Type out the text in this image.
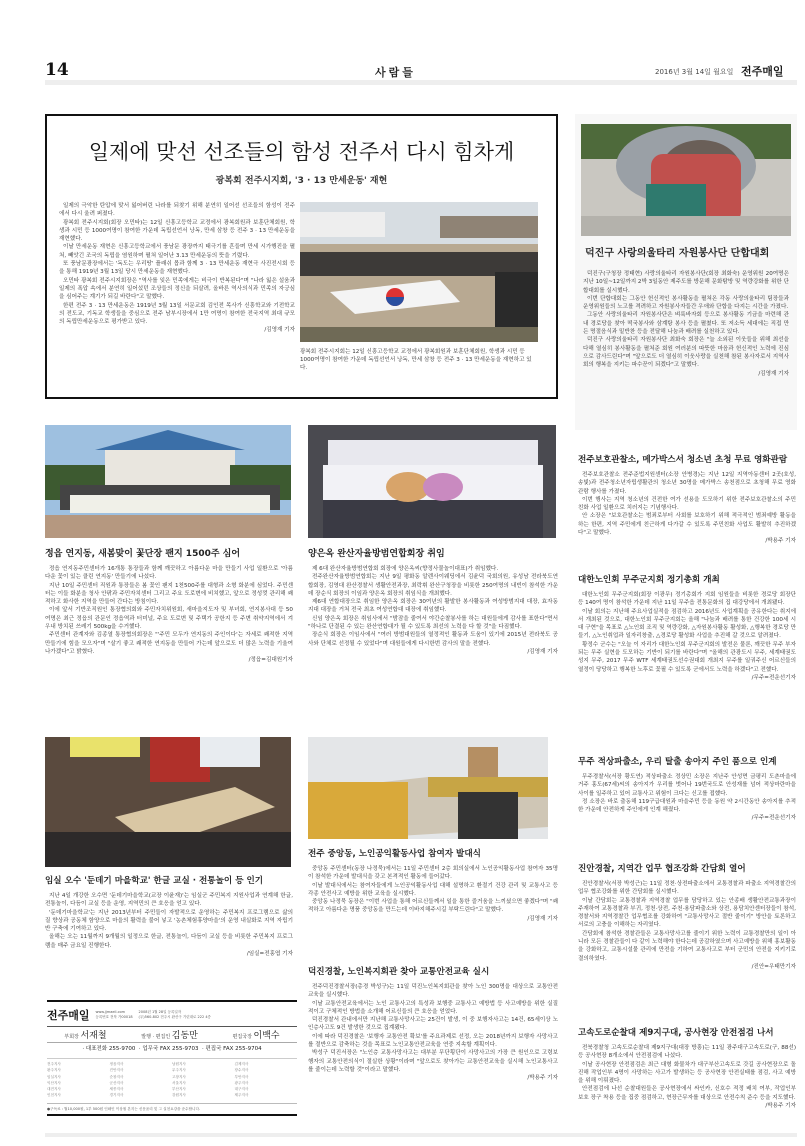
14	사람들	2016년 3월 14일 월요일 전주매일
일제에 맞선 선조들의 함성 전주서 다시 힘차게
광복회 전주시지회, '3 · 13 만세운동' 재현

일제의 극악한 탄압에 맞서 잃어버린 나라를 되찾기 위해 분연히 일어선 선조들의 함성이 전주에서 다시 울려 퍼졌다.

광복회 전주시지회(회장 오민타)는 12일 신흥고등학교 교정에서 광복회원과 보훈단체회원, 학생과 시민 등 1000여명이 참여한 가운데 독립선언서 낭독, 만세 삼창 등 전주 3 · 13 만세운동을 재현했다.

이날 만세운동 재현은 신흥고등학교에서 풍남문 광장까지 태극기를 흔들며 만세 시가행진을 펼쳐, 빼앗긴 조국의 독립을 염원하며 펼쳐 일어난 3.13 만세운동의 뜻을 기렸다.

또 풍남문광장에서는 '독도는 우리땅' 플래쉬 몹과 함께 3 · 13 만세운동 재현극 사진전시회 등을 통해 1919년 3월 13일 당시 만세운동을 재현했다.

오민타 광복회 전주시지회장은 "역사를 잊은 민족에게는 비극이 반복된다"며 "나라 잃은 설움과 일제의 폭압 속에서 분연히 일어섰던 조상들의 정신을 되살려, 올바른 역사의식과 민족의 자긍심을 심어주는 계기가 되길 바란다"고 말했다.

한편 전주 3 · 13 만세운동은 1919년 3월 13일 서문교회 김인전 목사가 신흥학교와 기전학교의 전도교, 기독교 학생들을 중심으로 전주 남부시장에서 1만 여명이 참여한 전국지역 최대 규모의 독립만세운동으로 평가받고 있다.

/김영재 기자
광복회 전주시지회는 12일 신흥고등학교 교정에서 광복회원과 보훈단체회원, 학생과 시민 등 1000여명이 참여한 가운데 독립선언서 낭독, 만세 삼창 등 전주 3 · 13 만세운동을 재현하고 있다.
덕진구 사랑의울타리 자원봉사단 단합대회

덕진구(구청장 정태현) 사랑의울타리 자원봉사단(회장 최화숙) 운영위원 20여명은 지난 10일~12일까지 2박 3일동안 제주도를 방문해 문화탐방 및 역량강화를 위한 단합대회를 실시했다.

이번 단합대회는 그동안 헌신적인 봉사활동을 펼쳐온 각동 사랑의울타리 팀장들과 운영위원들의 노고를 격려하고 자원봉사자들간 우애와 단합을 다지는 시간을 가졌다.

그동안 사랑의울타리 자원봉사단은 벼룩바자회 등으로 봉사활동 기금을 마련해 관내 경로당을 찾아 떡국봉사와 삼계탕 봉사 등을 펼쳤다. 또 저소득 세대에는 직접 만든 명절음식과 밑반찬 등을 전달해 나눔과 배려를 실천하고 있다.

덕진구 사랑의울타리 자원봉사단 최화숙 회장은 "늘 소외된 이웃들을 위해 최선을 다해 열심히 봉사활동을 펼쳐준 회원 여러분의 따뜻한 마음과 헌신적인 노력에 진심으로 감사드린다"며 "앞으로도 더 열심히 이웃사랑을 실천해 참된 봉사자로서 지역사회의 행복을 지키는 파수꾼이 되겠다"고 말했다.

/김영재 기자
정읍 연지동, 새봄맞이 꽃단장 팬지 1500주 심어

정읍 연지동주민센터가 16개통 통장들과 함께 깨끗하고 아름다운 마을 만들기 사업 일환으로 '아름다운 꽃이 있는 클린 연지동' 만들기에 나섰다.

지난 10일 주민센터 직원과 통장들은 봄 꽃인 팬지 1천500주를 대형과 소형 화분에 심었다. 주민센터는 이들 화분을 청사 안팎과 주민자치센터 그리고 주요 도로변에 비치했고, 앞으로 정성껏 관리해 쾌적하고 화사한 지역을 만들어 간다는 방침이다.

이에 앞서 기반조직원인 통장협의회와 주민자치위원회, 새마을지도자 및 부녀회, 연지봉사대 등 50여명은 최근 정읍의 관문인 정읍역과 터미널, 주요 도로변 및 주택가 공한지 등 주변 취약지역에서 겨우내 방치된 쓰레기 500kg을 수거했다.

주민센터 관계자와 김종열 통장협의회장은 "'주민 모두가 연지동의 주인이다'는 자세로 쾌적한 지역 만들기에 힘을 모으자"며 "살기 좋고 쾌적한 연지동을 만들어 가는데 앞으로도 더 많은 노력을 기울여 나가겠다"고 밝혔다.

/정읍=김대원기자
양은옥 완산자율방범연합회장 취임

제 6대 완산자율방범연합회 회장에 양은옥씨(향정사물놀이대표)가 취임했다.

전주완산자율방범연합회는 지난 9일 평화동 알렌사이웨딩에서 김윤덕 국회의원, 유성남 전라북도연합회장, 김영대 완산경찰서 생활안전과장, 최락휘 완산구청장을 비롯한 250여명의 내빈이 참석한 가운데 장순식 회장의 이임과 양은옥 회장의 취임식을 개최했다.

제6대 연합대장으로 취임한 양은옥 회장은 30여년의 활발한 봉사활동과 여성방범지대 대장, 효자동지대 대장을 거쳐 전국 최초 여성연합대 대장에 취임했다.

신임 양은옥 회장은 취임사에서 "밤잠을 줄여서 야간순찰봉사를 하는 대원들에게 감사를 표한다"면서 "하나로 단결된 수 있는 완산연합대가 될 수 있도록 최선의 노력을 다 할 것"을 다짐했다.

장순식 회장은 이임사에서 "여러 방범대원들의 열정적인 활동과 도움이 있기에 2015년 전라북도 공사와 단체로 선정될 수 있었다"며 대원들에게 다시한번 감사의 말을 전했다.

/김영재 기자
전주보호관찰소, 메가박스서 청소년 초청 무료 영화관람

전주보호관찰소 전주준법지원센터(소장 안병경)는 지난 12일 지역아동센터 2곳(호성, 송빛)과 전주청소년자립생활관의 청소년 30명을 메가박스 송천점으로 초청해 무료 영화관람 행사를 가졌다.

이번 행사는 지역 청소년의 건전한 여가 선용을 도모하기 위한 전주보호관찰소의 주민 친화 사업 일환으로 치러지는 기념행사다.

안 소장은 "보호관찰소는 범죄로부터 사회를 보호하기 위해 적극적인 범죄예방 활동을 하는 한편, 지역 주민에게 친근하게 다가갈 수 있도록 주민친화 사업도 활발히 추진하겠다"고 말했다.

/박용주 기자
대한노인회 무주군지회 정기총회 개최

대한노인회 무주군지회(회장 이광무) 정기총회가 지회 임원들을 비롯한 경로당 회장단 등 140여 명이 참석한 가운데 지난 11일 무주읍 전통문화의 집 대강당에서 개최됐다.

이날 회의는 지난해 주요사업실적을 점검하고 2016년도 사업계획을 공유한다는 취지에서 개최된 것으로, 대한노인회 무주군지회는 올해 "나눔과 배려를 통한 건강한 100세 시대 구현"을 목표로 △노인회 조직 및 역량강화, △자원봉사활동 활성화, △행복한 경로당 만들기, △노인취업과 일자리창출, △경로당 활성화 사업을 추진해 갈 것으로 알려졌다.

황정수 군수는 "오늘 이 자리가 대한노인회 무주군지회의 발전은 물론, 깨끗한 무주 부자되는 무주 실현을 도모하는 기반이 되기를 바란다"며 "올해의 관광도시 무주, 세계태권도 성지 무주, 2017 무주 WTF 세계태권도선수권대회 개최지 무주를 일궈주신 어르신들의 열정이 당당하고 행복한 노후로 꽃필 수 있도록 군에서도 노력을 하겠다"고 전했다.

/무주=전운선기자
무주 적상파출소, 우리 탈출 송아지 주인 품으로 인계

무주경찰서(서장 황도연) 적상파출소 정상민 소장은 지난주 안성면 금평리 도촌마을에 거주 홍도(67세)씨의 송아지가 우리를 벗어나 19번국도로 안성재를 넘어 적상마란마을 사이를 일주하고 있어 교통사고 위험이 크다는 신고를 접했다.

정 소장은 바로 출동해 119구급대원과 마을주민 등을 동원 약 2시간동안 송아지를 추적한 가운데 안전하게 주인에게 인계 해줬다.

/무주=전운선기자
진안경찰, 지역간 업무 협조강화 간담회 열어

진안경찰서(서장 박성근)는 11일 정천·상전파출소에서 교통경찰과 파출소 지역경찰간의 업무 협조강화를 위한 간담회를 실시했다.

이날 간담회는 교통경찰과 지역경찰 업무를 담당하고 있는 안종배 생활안전교통과장이 주재하여 교통경찰과 부귀, 정천·상전, 주천·용담파출소와 상전, 용담치안센터장들이 참석, 경찰서와 지역경찰간 업무협조를 강화하여 "교통사망사고 절반 줄이기" 방안을 토론하고 서로의 고충을 이해하는 자리였다.

간담회에 참석한 경찰관들은 교통사망사고를 줄이기 위한 노력이 교통경찰만의 일이 아니라 모든 경찰관들이 다 같이 노력해야 한다는데 공감하였으며 사고예방을 위해 홍보활동을 강화하고, 교통시설물 관리에 만전을 기하여 교통사고로 부터 군민의 안전을 지키기로 결의하였다.

/진안=우태만기자
고속도로순찰대 제9지구대, 공사현장 안전점검 나서

전북경찰청 고속도로순찰대 제9지구대(대장 방흥)는 11일 광주대구고속도로(구, 88선) 등 공사현장 8개소에서 안전점검에 나섰다.

이날 공사현장 안전점검은 최근 대형 화물차가 대구부산고속도로 갓길 공사현장으로 돌진해 작업인부 4명이 사망하는 사고가 발생하는 등 공사현장 안전실태를 점검, 사고 예방을 위해 이뤄졌다.

안전점검에 나선 순찰대원들은 공사현장에서 싸인카, 신호수 적정 배치 여부, 작업인부 보호 장구 착용 등을 집중 점검하고, 현장근무자를 대상으로 안전수칙 준수 등을 지도했다.

/박용주 기자
임실 오수 '둔데기 마을학교' 한글 교실 · 전통놀이 등 인기

지난 4일 개강한 오수면 '둔데기마을학교(교장 이윤재)'는 임실군 주민복지 지원사업과 연계해 한글, 전통놀이, 다듬이 교실 등을 운영, 지역민의 큰 호응을 얻고 있다.

'둔데기마을학교'는 지난 2013년부터 주민들이 자발적으로 운영하는 주민복지 프로그램으로 삶의 질 향상과 공동체 함양으로 마을의 활력을 불어 넣고 '농촌체험휴양마을'의 운영 내실화로 지역 자립기반 구축에 기여하고 있다.

올해는 오는 11월까지 9개월의 일정으로 한글, 전통놀이, 다듬이 교실 등을 비롯한 주민복지 프로그램을 매주 금요일 진행한다.

/임실=전홍엽 기자
전주 중앙동, 노인공익활동사업 참여자 발대식

중앙동 주민센터(동장 나정묵)에서는 11일 주민센터 2층 회의실에서 노인공익활동사업 참여자 35명이 참석한 가운데 발대식을 갖고 본격적인 활동에 들어갔다.

이날 발대식에서는 참여자들에게 노인공익활동사업 대해 설명하고 환절기 건강 관리 및 교통사고 등 각종 안전사고 예방을 위한 교육을 실시했다.

중앙동 나정묵 동장은 "이번 사업을 통해 어르신들께서 일을 통한 즐거움을 느끼셨으면 좋겠다"며 "쾌적하고 아름다운 명품 중앙동을 만드는데 이바지해주시길 부탁드린다"고 말했다.

/김영재 기자
덕진경찰, 노인복지회관 찾아 교통안전교육 실시

전주덕진경찰서장(총경 박성구)는 11일 덕진노인복지회관을 찾아 노인 300명을 대상으로 교통안전교육을 실시했다.

이날 교통안전교육에서는 노인 교통사고의 특성과 보행중 교통사고 예방법 등 사고예방을 위한 실질적이고 구체적인 방법을 소개해 어르신들의 큰 호응을 얻었다.

덕진경찰서 관내에서만 지난해 교통사망사고는 25건이 발생, 이 중 보행자사고는 14건, 65세이상 노인층사고도 9건 발생한 것으로 집계됐다.

이에 따라 덕진경찰은 '보행자 교통안전 확보'를 주요과제로 선정, 오는 2018년까지 보행자 사망사고를 절반으로 감축하는 것을 목표로 노인교통안전교육을 연중 지속할 계획이다.

박성구 덕진서장은 "노인층 교통사망사고는 대부분 무단횡단이 사망사고의 가장 큰 원인으로 고령보행자의 교통안전의식이 절실한 상황"이라며 "앞으로도 찾아가는 교통안전교육을 실시해 노인교통사고를 줄이는데 노력할 것"이라고 말했다.

/박용주 기자
전주매일 www.jjmaeil.com
등록번호 전북 가00018
2008년 1월 28일 등록일자
(우)560-802 전주시 완산구 기린대로 222 4층
부회장 서재철	발행 · 편집인 김동만	편집국장 이백수
· 대표전화 255-9700 · 업무국 FAX 255-9703 · 편집국 FAX 255-9704
전주지사	정읍지사	남원지사	김제지사
완주지사	진안지사	무주지사	장수지사
임실지사	순창지사	고창지사	부안지사
익산지사	군산지사	서울지사	광주지사
대전지사	세종지사	부산지사	대구지사
인천지사	경기지사	강원지사	제주지사
●구독료 : 월10,000원, 1부 500원 인쇄인 이상철 본지는 신문윤리 및 그 실천요강을 준수합니다.
